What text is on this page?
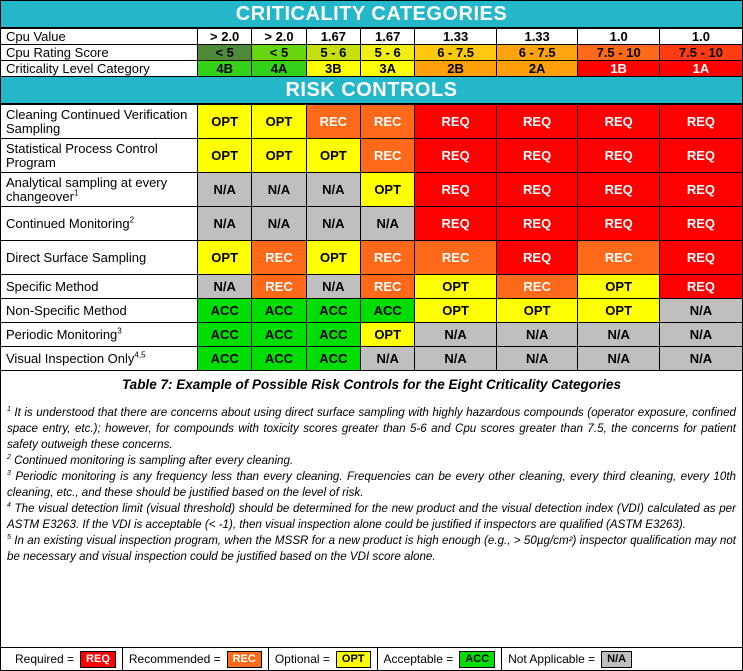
CRITICALITY CATEGORIES
Cpu Value	> 2.0	> 2.0	1.67	1.67	1.33	1.33	1.0	1.0
Cpu Rating Score	< 5	< 5	5 - 6	5 - 6	6 - 7.5	6 - 7.5	7.5 - 10	7.5 - 10
Criticality Level Category	4B	4A	3B	3A	2B	2A	1B	1A
RISK CONTROLS
Cleaning Continued Verification Sampling	OPT	OPT	REC	REC	REQ	REQ	REQ	REQ
Statistical Process Control Program	OPT	OPT	OPT	REC	REQ	REQ	REQ	REQ
Analytical sampling at every changeover$^1$	N/A	N/A	N/A	OPT	REQ	REQ	REQ	REQ
Continued Monitoring$^2$	N/A	N/A	N/A	N/A	REQ	REQ	REQ	REQ
Direct Surface Sampling	OPT	REC	OPT	REC	REC	REQ	REC	REQ
Specific Method	N/A	REC	N/A	REC	OPT	REC	OPT	REQ
Non-Specific Method	ACC	ACC	ACC	ACC	OPT	OPT	OPT	N/A
Periodic Monitoring$^3$	ACC	ACC	ACC	OPT	N/A	N/A	N/A	N/A
Visual Inspection Only$^{4,5}$	ACC	ACC	ACC	N/A	N/A	N/A	N/A	N/A

Table 7: Example of Possible Risk Controls for the Eight Criticality Categories

$^1$ It is understood that there are concerns about using direct surface sampling with highly hazardous compounds (operator exposure, confined space entry, etc.); however, for compounds with toxicity scores greater than 5-6 and Cpu scores greater than 7.5, the concerns for patient safety outweigh these concerns.

$^2$ Continued monitoring is sampling after every cleaning.

$^3$ Periodic monitoring is any frequency less than every cleaning. Frequencies can be every other cleaning, every third cleaning, every 10th cleaning, etc., and these should be justified based on the level of risk.

$^4$ The visual detection limit (visual threshold) should be determined for the new product and the visual detection index (VDI) calculated as per ASTM E3263. If the VDI is acceptable (< -1), then visual inspection alone could be justified if inspectors are qualified (ASTM E3263).

$^5$ In an existing visual inspection program, when the MSSR for a new product is high enough (e.g., > 50µg/cm²) inspector qualification may not be necessary and visual inspection could be justified based on the VDI score alone.

Required =	REQ	Recommended =	REC	Optional =	OPT	Acceptable =	ACC	Not Applicable =	N/A
